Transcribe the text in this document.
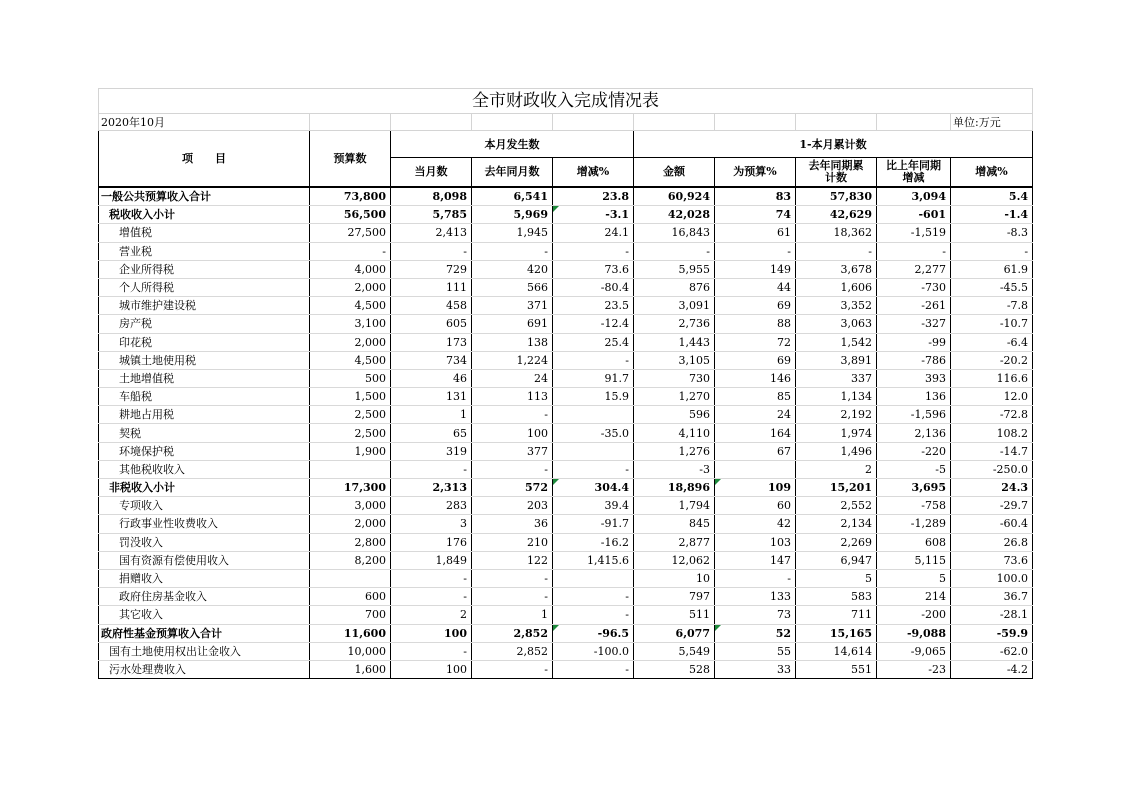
全市财政收入完成情况表									
2020年10月									单位:万元
项　　目	预算数	本月发生数			1-本月累计数				
		当月数	去年同月数	增减%	金额	为预算%	去年同期累计数	比上年同期增减	增减%
一般公共预算收入合计	73,800	8,098	6,541	23.8	60,924	83	57,830	3,094	5.4
税收收入小计	56,500	5,785	5,969	-3.1	42,028	74	42,629	-601	-1.4
增值税	27,500	2,413	1,945	24.1	16,843	61	18,362	-1,519	-8.3
营业税	-	-	-	-	-	-	-	-	-
企业所得税	4,000	729	420	73.6	5,955	149	3,678	2,277	61.9
个人所得税	2,000	111	566	-80.4	876	44	1,606	-730	-45.5
城市维护建设税	4,500	458	371	23.5	3,091	69	3,352	-261	-7.8
房产税	3,100	605	691	-12.4	2,736	88	3,063	-327	-10.7
印花税	2,000	173	138	25.4	1,443	72	1,542	-99	-6.4
城镇土地使用税	4,500	734	1,224	-	3,105	69	3,891	-786	-20.2
土地增值税	500	46	24	91.7	730	146	337	393	116.6
车船税	1,500	131	113	15.9	1,270	85	1,134	136	12.0
耕地占用税	2,500	1	-		596	24	2,192	-1,596	-72.8
契税	2,500	65	100	-35.0	4,110	164	1,974	2,136	108.2
环境保护税	1,900	319	377		1,276	67	1,496	-220	-14.7
其他税收收入		-	-	-	-3		2	-5	-250.0
非税收入小计	17,300	2,313	572	304.4	18,896	109	15,201	3,695	24.3
专项收入	3,000	283	203	39.4	1,794	60	2,552	-758	-29.7
行政事业性收费收入	2,000	3	36	-91.7	845	42	2,134	-1,289	-60.4
罚没收入	2,800	176	210	-16.2	2,877	103	2,269	608	26.8
国有资源有偿使用收入	8,200	1,849	122	1,415.6	12,062	147	6,947	5,115	73.6
捐赠收入		-	-		10	-	5	5	100.0
政府住房基金收入	600	-	-	-	797	133	583	214	36.7
其它收入	700	2	1	-	511	73	711	-200	-28.1
政府性基金预算收入合计	11,600	100	2,852	-96.5	6,077	52	15,165	-9,088	-59.9
国有土地使用权出让金收入	10,000	-	2,852	-100.0	5,549	55	14,614	-9,065	-62.0
污水处理费收入	1,600	100	-	-	528	33	551	-23	-4.2
